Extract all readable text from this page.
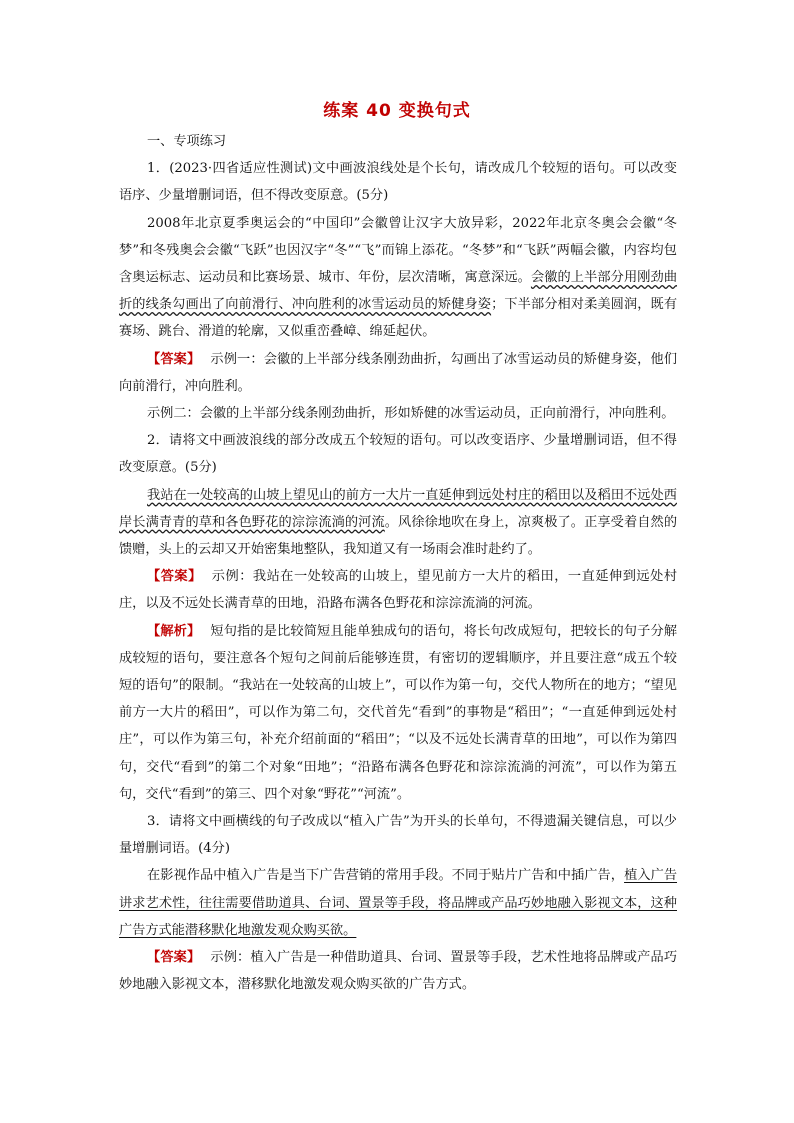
练案 40 变换句式

一、专项练习

1．(2023·四省适应性测试)文中画波浪线处是个长句，请改成几个较短的语句。可以改变语序、少量增删词语，但不得改变原意。(5分)

2008年北京夏季奥运会的“中国印”会徽曾让汉字大放异彩，2022年北京冬奥会会徽“冬梦”和冬残奥会会徽“飞跃”也因汉字“冬”“飞”而锦上添花。“冬梦”和“飞跃”两幅会徽，内容均包含奥运标志、运动员和比赛场景、城市、年份，层次清晰，寓意深远。会徽的上半部分用刚劲曲折的线条勾画出了向前滑行、冲向胜利的冰雪运动员的矫健身姿；下半部分相对柔美圆润，既有赛场、跳台、滑道的轮廓，又似重峦叠嶂、绵延起伏。

【答案】 示例一：会徽的上半部分线条刚劲曲折，勾画出了冰雪运动员的矫健身姿，他们向前滑行，冲向胜利。

示例二：会徽的上半部分线条刚劲曲折，形如矫健的冰雪运动员，正向前滑行，冲向胜利。

2．请将文中画波浪线的部分改成五个较短的语句。可以改变语序、少量增删词语，但不得改变原意。(5分)

我站在一处较高的山坡上望见山的前方一大片一直延伸到远处村庄的稻田以及稻田不远处西岸长满青青的草和各色野花的淙淙流淌的河流。风徐徐地吹在身上，凉爽极了。正享受着自然的馈赠，头上的云却又开始密集地整队，我知道又有一场雨会准时赴约了。

【答案】 示例：我站在一处较高的山坡上，望见前方一大片的稻田，一直延伸到远处村庄，以及不远处长满青草的田地，沿路布满各色野花和淙淙流淌的河流。

【解析】 短句指的是比较简短且能单独成句的语句，将长句改成短句，把较长的句子分解成较短的语句，要注意各个短句之间前后能够连贯，有密切的逻辑顺序，并且要注意“成五个较短的语句”的限制。“我站在一处较高的山坡上”，可以作为第一句，交代人物所在的地方；“望见前方一大片的稻田”，可以作为第二句，交代首先“看到”的事物是“稻田”；“一直延伸到远处村庄”，可以作为第三句，补充介绍前面的“稻田”；“以及不远处长满青草的田地”，可以作为第四句，交代“看到”的第二个对象“田地”；“沿路布满各色野花和淙淙流淌的河流”，可以作为第五句，交代“看到”的第三、四个对象“野花”“河流”。

3．请将文中画横线的句子改成以“植入广告”为开头的长单句，不得遗漏关键信息，可以少量增删词语。(4分)

在影视作品中植入广告是当下广告营销的常用手段。不同于贴片广告和中插广告，植入广告讲求艺术性，往往需要借助道具、台词、置景等手段，将品牌或产品巧妙地融入影视文本，这种广告方式能潜移默化地激发观众购买欲。

【答案】 示例：植入广告是一种借助道具、台词、置景等手段，艺术性地将品牌或产品巧妙地融入影视文本，潜移默化地激发观众购买欲的广告方式。
